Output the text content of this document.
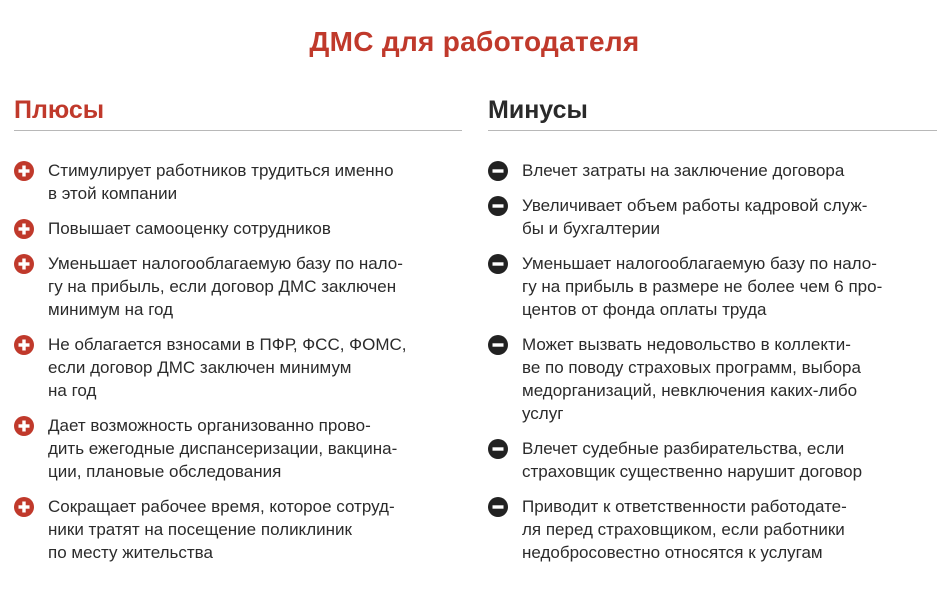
ДМС для работодателя
Плюсы
Стимулирует работников трудиться именно
в этой компании
Повышает самооценку сотрудников
Уменьшает налогооблагаемую базу по нало-
гу на прибыль, если договор ДМС заключен
минимум на год
Не облагается взносами в ПФР, ФСС, ФОМС,
если договор ДМС заключен минимум
на год
Дает возможность организованно прово-
дить ежегодные диспансеризации, вакцина-
ции, плановые обследования
Сокращает рабочее время, которое сотруд-
ники тратят на посещение поликлиник
по месту жительства
Минусы
Влечет затраты на заключение договора
Увеличивает объем работы кадровой служ-
бы и бухгалтерии
Уменьшает налогооблагаемую базу по нало-
гу на прибыль в размере не более чем 6 про-
центов от фонда оплаты труда
Может вызвать недовольство в коллекти-
ве по поводу страховых программ, выбора
медорганизаций, невключения каких-либо
услуг
Влечет судебные разбирательства, если
страховщик существенно нарушит договор
Приводит к ответственности работодате-
ля перед страховщиком, если работники
недобросовестно относятся к услугам
